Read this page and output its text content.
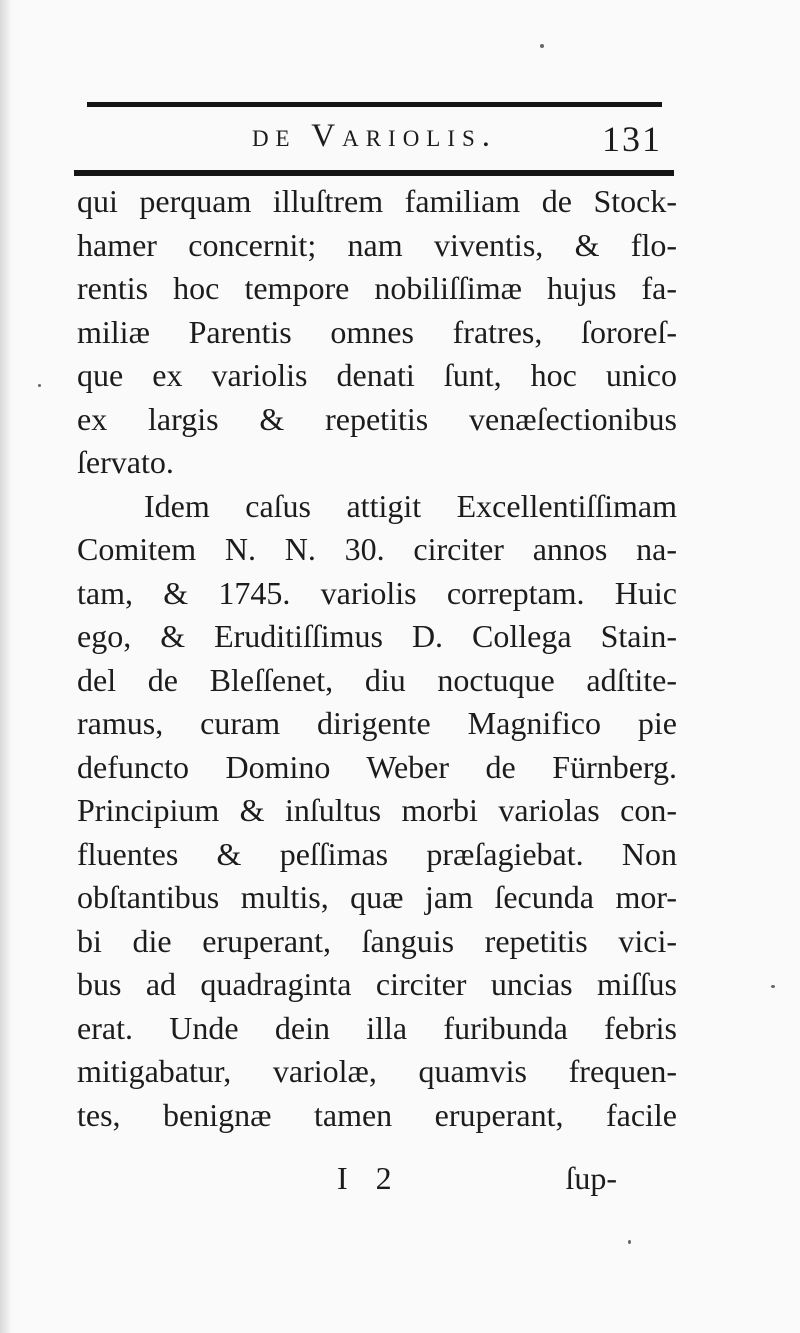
de Variolis.	131
qui perquam illuſtrem familiam de Stock-
hamer concernit; nam viventis, & flo-
rentis hoc tempore nobiliſſimæ hujus fa-
miliæ Parentis omnes fratres, ſororeſ-
que ex variolis denati ſunt, hoc unico
ex largis & repetitis venæſectionibus
ſervato.
Idem caſus attigit Excellentiſſimam
Comitem N. N. 30. circiter annos na-
tam, & 1745. variolis correptam. Huic
ego, & Eruditiſſimus D. Collega Stain-
del de Bleſſenet, diu noctuque adſtite-
ramus, curam dirigente Magnifico pie
defuncto Domino Weber de Fürnberg.
Principium & inſultus morbi variolas con-
fluentes & peſſimas præſagiebat. Non
obſtantibus multis, quæ jam ſecunda mor-
bi die eruperant, ſanguis repetitis vici-
bus ad quadraginta circiter uncias miſſus
erat. Unde dein illa furibunda febris
mitigabatur, variolæ, quamvis frequen-
tes, benignæ tamen eruperant, facile
I 2	ſup-
